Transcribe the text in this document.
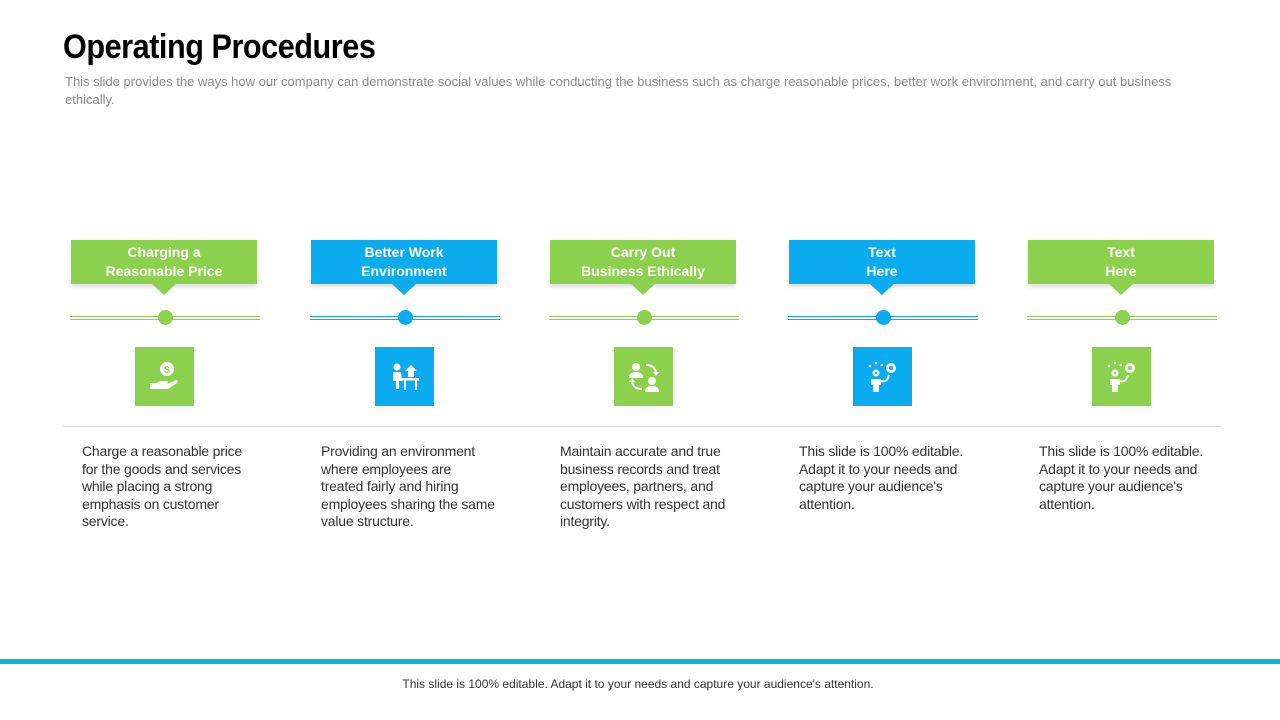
Operating Procedures

This slide provides the ways how our company can demonstrate social values while conducting the business such as charge reasonable prices, better work environment, and carry out business ethically.

Charging a
Reasonable Price
$
Better Work
Environment
Carry Out
Business Ethically
Text
Here
Text
Here

Charge a reasonable price for the goods and services while placing a strong emphasis on customer service.

Providing an environment where employees are treated fairly and hiring employees sharing the same value structure.

Maintain accurate and true business records and treat employees, partners, and customers with respect and integrity.

This slide is 100% editable. Adapt it to your needs and capture your audience's attention.

This slide is 100% editable. Adapt it to your needs and capture your audience's attention.

This slide is 100% editable. Adapt it to your needs and capture your audience's attention.
